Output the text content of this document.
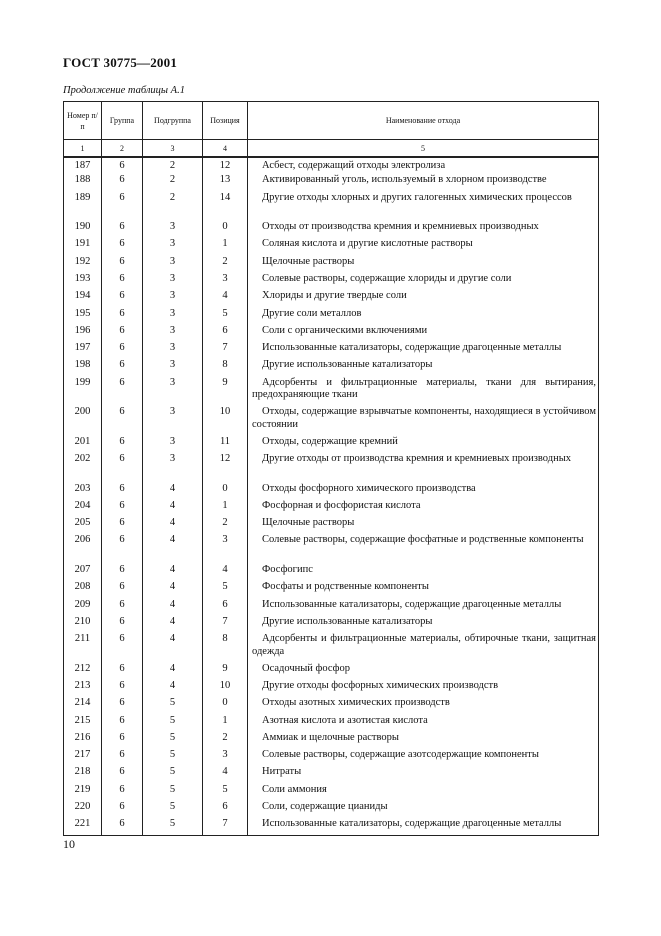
ГОСТ 30775—2001
Продолжение таблицы А.1
Номер п/п	Группа	Подгруппа	Позиция	Наименование отхода
1	2	3	4	5
187	6	2	12	Асбест, содержащий отходы электролиза
188	6	2	13	Активированный уголь, используемый в хлорном производстве
189	6	2	14	Другие отходы хлорных и других галогенных химических процессов
190	6	3	0	Отходы от производства кремния и кремниевых производных
191	6	3	1	Соляная кислота и другие кислотные растворы
192	6	3	2	Щелочные растворы
193	6	3	3	Солевые растворы, содержащие хлориды и другие соли
194	6	3	4	Хлориды и другие твердые соли
195	6	3	5	Другие соли металлов
196	6	3	6	Соли с органическими включениями
197	6	3	7	Использованные катализаторы, содержащие драгоценные металлы
198	6	3	8	Другие использованные катализаторы
199	6	3	9	Адсорбенты и фильтрационные материалы, ткани для вытирания, предохраняющие ткани
200	6	3	10	Отходы, содержащие взрывчатые компоненты, находящиеся в устойчивом состоянии
201	6	3	11	Отходы, содержащие кремний
202	6	3	12	Другие отходы от производства кремния и кремниевых производных
203	6	4	0	Отходы фосфорного химического производства
204	6	4	1	Фосфорная и фосфористая кислота
205	6	4	2	Щелочные растворы
206	6	4	3	Солевые растворы, содержащие фосфатные и родственные компоненты
207	6	4	4	Фосфогипс
208	6	4	5	Фосфаты и родственные компоненты
209	6	4	6	Использованные катализаторы, содержащие драгоценные металлы
210	6	4	7	Другие использованные катализаторы
211	6	4	8	Адсорбенты и фильтрационные материалы, обтирочные ткани, защитная одежда
212	6	4	9	Осадочный фосфор
213	6	4	10	Другие отходы фосфорных химических производств
214	6	5	0	Отходы азотных химических производств
215	6	5	1	Азотная кислота и азотистая кислота
216	6	5	2	Аммиак и щелочные растворы
217	6	5	3	Солевые растворы, содержащие азотсодержащие компоненты
218	6	5	4	Нитраты
219	6	5	5	Соли аммония
220	6	5	6	Соли, содержащие цианиды
221	6	5	7	Использованные катализаторы, содержащие драгоценные металлы
10
